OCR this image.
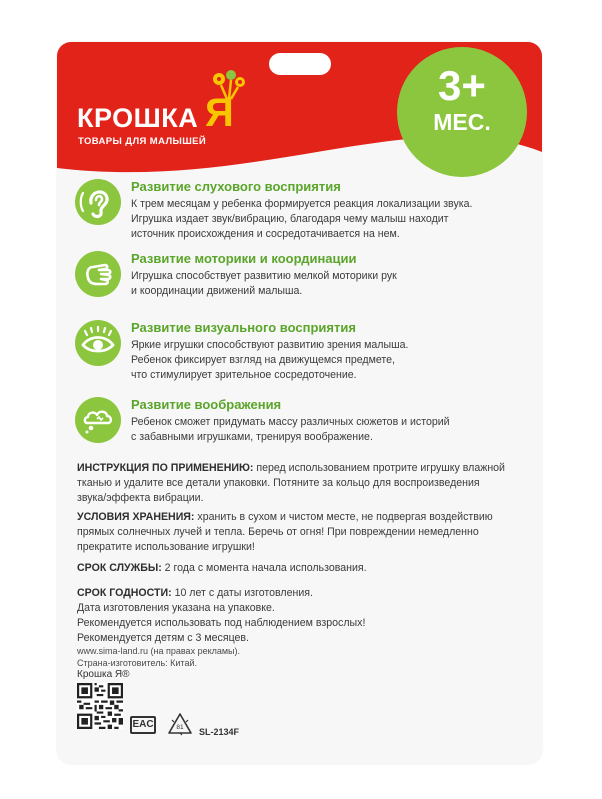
КРОШКА Я
ТОВАРЫ ДЛЯ МАЛЫШЕЙ
3+
МЕС.
Развитие слухового восприятия
К трем месяцам у ребенка формируется реакция локализации звука.
Игрушка издает звук/вибрацию, благодаря чему малыш находит
источник происхождения и сосредотачивается на нем.
Развитие моторики и координации
Игрушка способствует развитию мелкой моторики рук
и координации движений малыша.
Развитие визуального восприятия
Яркие игрушки способствуют развитию зрения малыша.
Ребенок фиксирует взгляд на движущемся предмете,
что стимулирует зрительное сосредоточение.
Развитие воображения
Ребенок сможет придумать массу различных сюжетов и историй
с забавными игрушками, тренируя воображение.
ИНСТРУКЦИЯ ПО ПРИМЕНЕНИЮ: перед использованием протрите игрушку влажной
тканью и удалите все детали упаковки. Потяните за кольцо для воспроизведения
звука/эффекта вибрации.
УСЛОВИЯ ХРАНЕНИЯ: хранить в сухом и чистом месте, не подвергая воздействию
прямых солнечных лучей и тепла. Беречь от огня! При повреждении немедленно
прекратите использование игрушки!
СРОК СЛУЖБЫ: 2 года с момента начала использования.
СРОК ГОДНОСТИ: 10 лет с даты изготовления.
Дата изготовления указана на упаковке.
Рекомендуется использовать под наблюдением взрослых!
Рекомендуется детям с 3 месяцев.
www.sima-land.ru (на правах рекламы).
Страна-изготовитель: Китай.
Крошка Я®
EAC	81 SL-2134F
